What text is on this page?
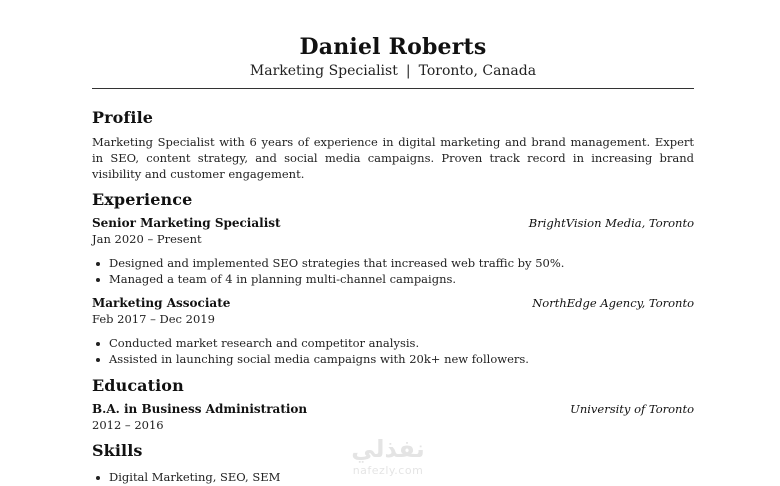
Daniel Roberts
Marketing Specialist | Toronto, Canada
Profile
Marketing Specialist with 6 years of experience in digital marketing and brand management. Expert in SEO, content strategy, and social media campaigns. Proven track record in increasing brand visibility and customer engagement.
Experience
Senior Marketing Specialist	BrightVision Media, Toronto
Jan 2020 – Present
Designed and implemented SEO strategies that increased web traffic by 50%.
Managed a team of 4 in planning multi-channel campaigns.
Marketing Associate	NorthEdge Agency, Toronto
Feb 2017 – Dec 2019
Conducted market research and competitor analysis.
Assisted in launching social media campaigns with 20k+ new followers.
Education
B.A. in Business Administration	University of Toronto
2012 – 2016
Skills
Digital Marketing, SEO, SEM
نفذلي
nafezly.com
